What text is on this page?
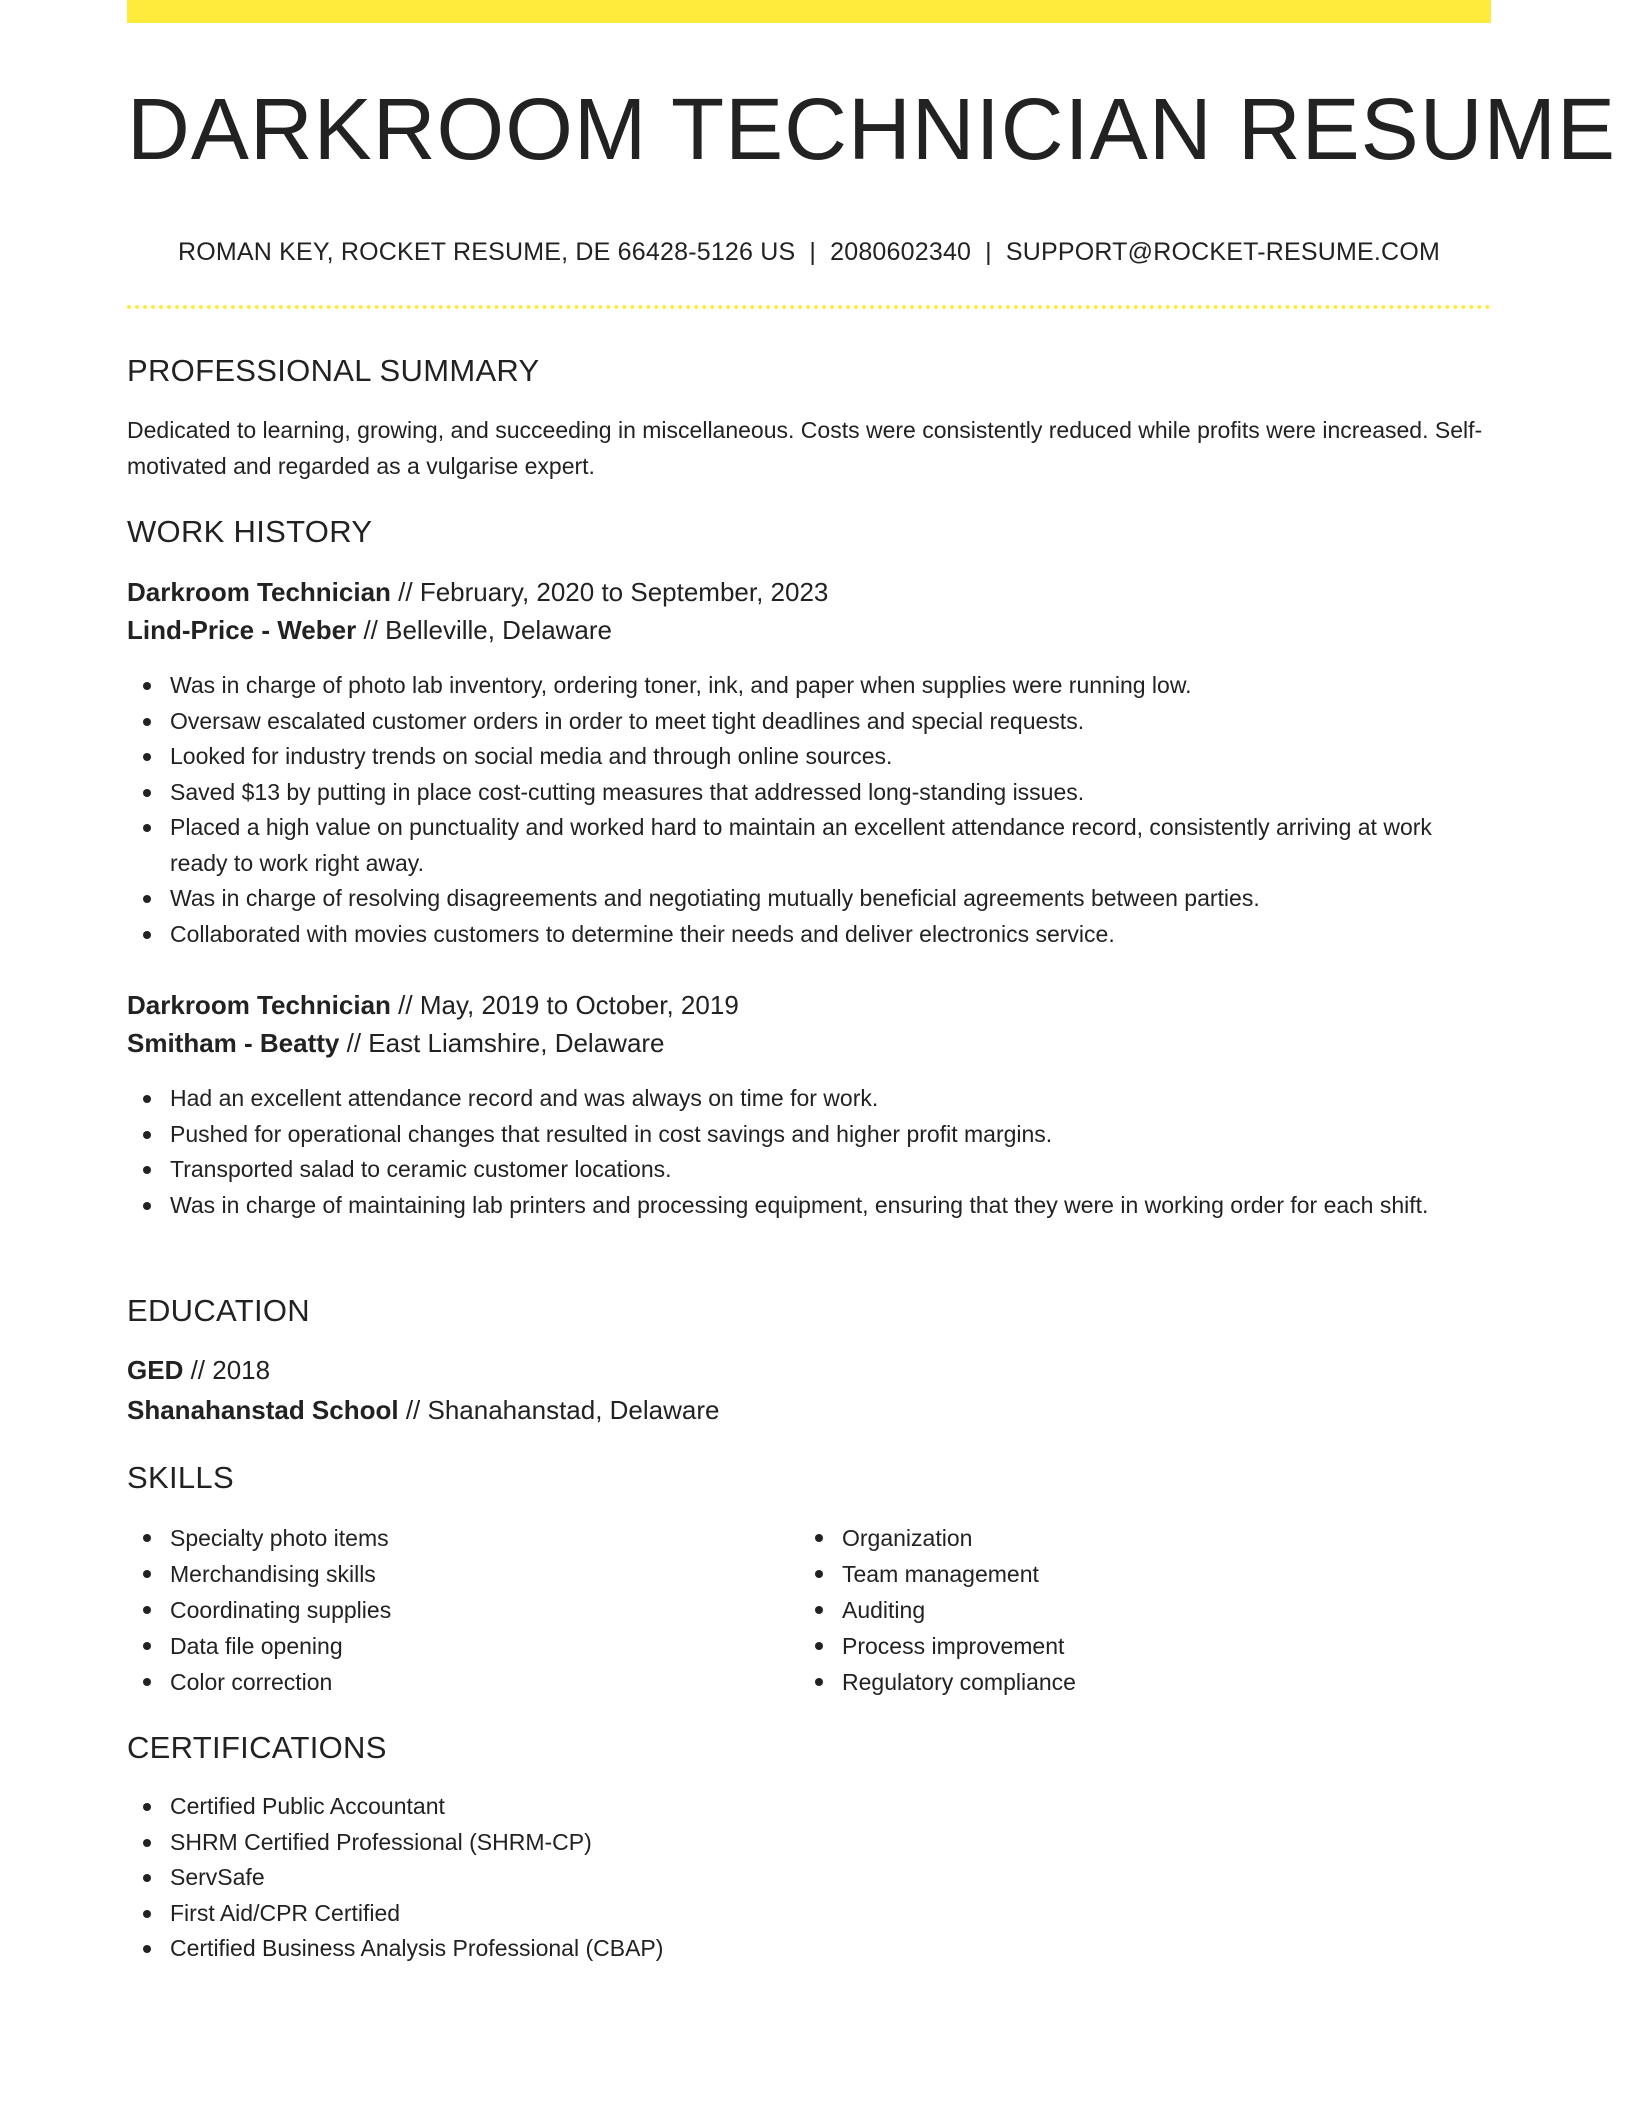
DARKROOM TECHNICIAN RESUME
ROMAN KEY, ROCKET RESUME, DE 66428-5126 US | 2080602340 | SUPPORT@ROCKET-RESUME.COM
PROFESSIONAL SUMMARY

Dedicated to learning, growing, and succeeding in miscellaneous. Costs were consistently reduced while profits were increased. Self-motivated and regarded as a vulgarise expert.

WORK HISTORY
Darkroom Technician // February, 2020 to September, 2023
Lind-Price - Weber // Belleville, Delaware
Was in charge of photo lab inventory, ordering toner, ink, and paper when supplies were running low.
Oversaw escalated customer orders in order to meet tight deadlines and special requests.
Looked for industry trends on social media and through online sources.
Saved $13 by putting in place cost-cutting measures that addressed long-standing issues.
Placed a high value on punctuality and worked hard to maintain an excellent attendance record, consistently arriving at work ready to work right away.
Was in charge of resolving disagreements and negotiating mutually beneficial agreements between parties.
Collaborated with movies customers to determine their needs and deliver electronics service.
Darkroom Technician // May, 2019 to October, 2019
Smitham - Beatty // East Liamshire, Delaware
Had an excellent attendance record and was always on time for work.
Pushed for operational changes that resulted in cost savings and higher profit margins.
Transported salad to ceramic customer locations.
Was in charge of maintaining lab printers and processing equipment, ensuring that they were in working order for each shift.
EDUCATION
GED // 2018
Shanahanstad School // Shanahanstad, Delaware
SKILLS
Specialty photo items
Merchandising skills
Coordinating supplies
Data file opening
Color correction
Organization
Team management
Auditing
Process improvement
Regulatory compliance
CERTIFICATIONS
Certified Public Accountant
SHRM Certified Professional (SHRM-CP)
ServSafe
First Aid/CPR Certified
Certified Business Analysis Professional (CBAP)
